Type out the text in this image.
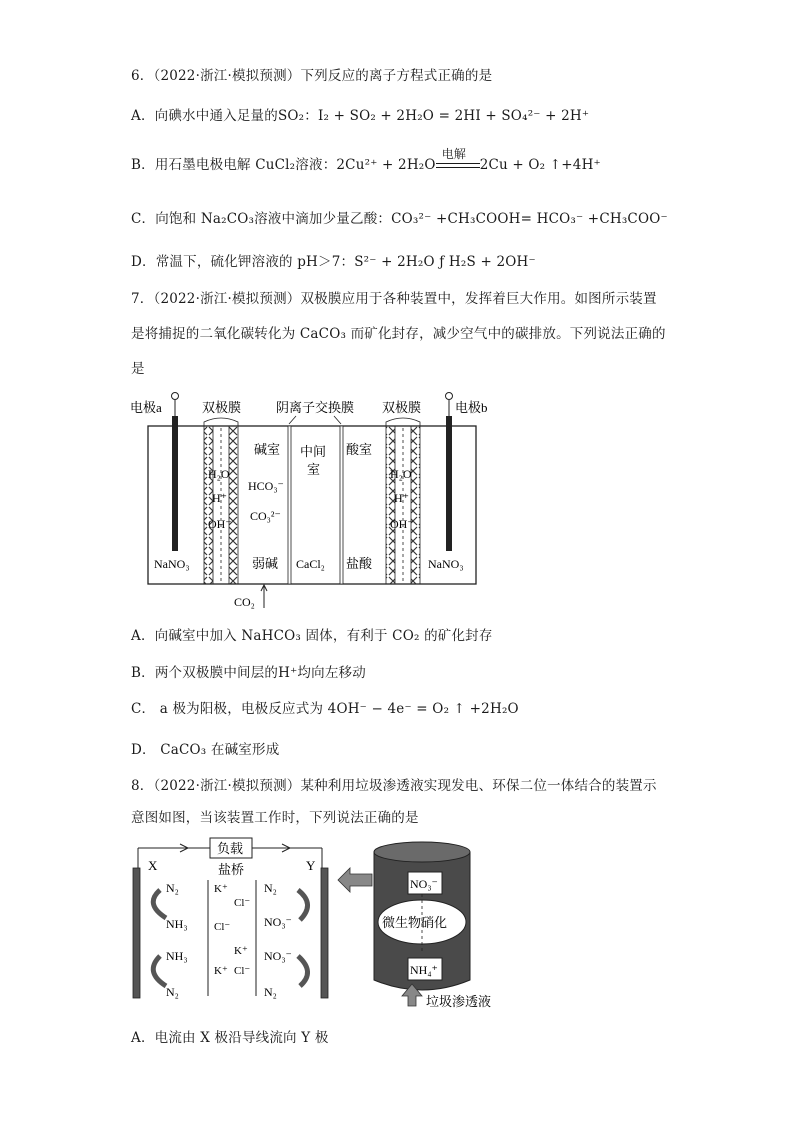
6．（2022·浙江·模拟预测）下列反应的离子方程式正确的是
A．向碘水中通入足量的SO₂：I₂ + SO₂ + 2H₂O = 2HI + SO₄²⁻ + 2H⁺
B．用石墨电极电解 CuCl₂溶液：2Cu²⁺ + 2H₂O
电解
2Cu + O₂ ↑+4H⁺
C．向饱和 Na₂CO₃溶液中滴加少量乙酸：CO₃²⁻ +CH₃COOH= HCO₃⁻ +CH₃COO⁻
D．常温下，硫化钾溶液的 pH＞7：S²⁻ + 2H₂O ƒ H₂S + 2OH⁻
7．（2022·浙江·模拟预测）双极膜应用于各种装置中，发挥着巨大作用。如图所示装置
是将捕捉的二氧化碳转化为 CaCO₃ 而矿化封存，减少空气中的碳排放。下列说法正确的
是
电极a	电极b
双极膜
H₂O
H⁺
OH⁻
双极膜
H₂O
H⁺
OH⁻
阴离子交换膜
NaNO₃	NaNO₃
碱室
HCO₃⁻
CO₃²⁻
弱碱
中间
室
CaCl₂
酸室
盐酸
CO₂
A．向碱室中加入 NaHCO₃ 固体，有利于 CO₂ 的矿化封存
B．两个双极膜中间层的H⁺均向左移动
C． a 极为阳极，电极反应式为 4OH⁻ − 4e⁻ = O₂ ↑ +2H₂O
D． CaCO₃ 在碱室形成
8．（2022·浙江·模拟预测）某种利用垃圾渗透液实现发电、环保二位一体结合的装置示
意图如图，当该装置工作时，下列说法正确的是
负载
X	Y
盐桥
N₂
NH₃
NH₃
N₂
K⁺
Cl⁻
Cl⁻
K⁺
K⁺ Cl⁻
N₂
NO₃⁻
NO₃⁻
N₂
NO₃⁻
微生物硝化
NH₄⁺
垃圾渗透液
A．电流由 X 极沿导线流向 Y 极
